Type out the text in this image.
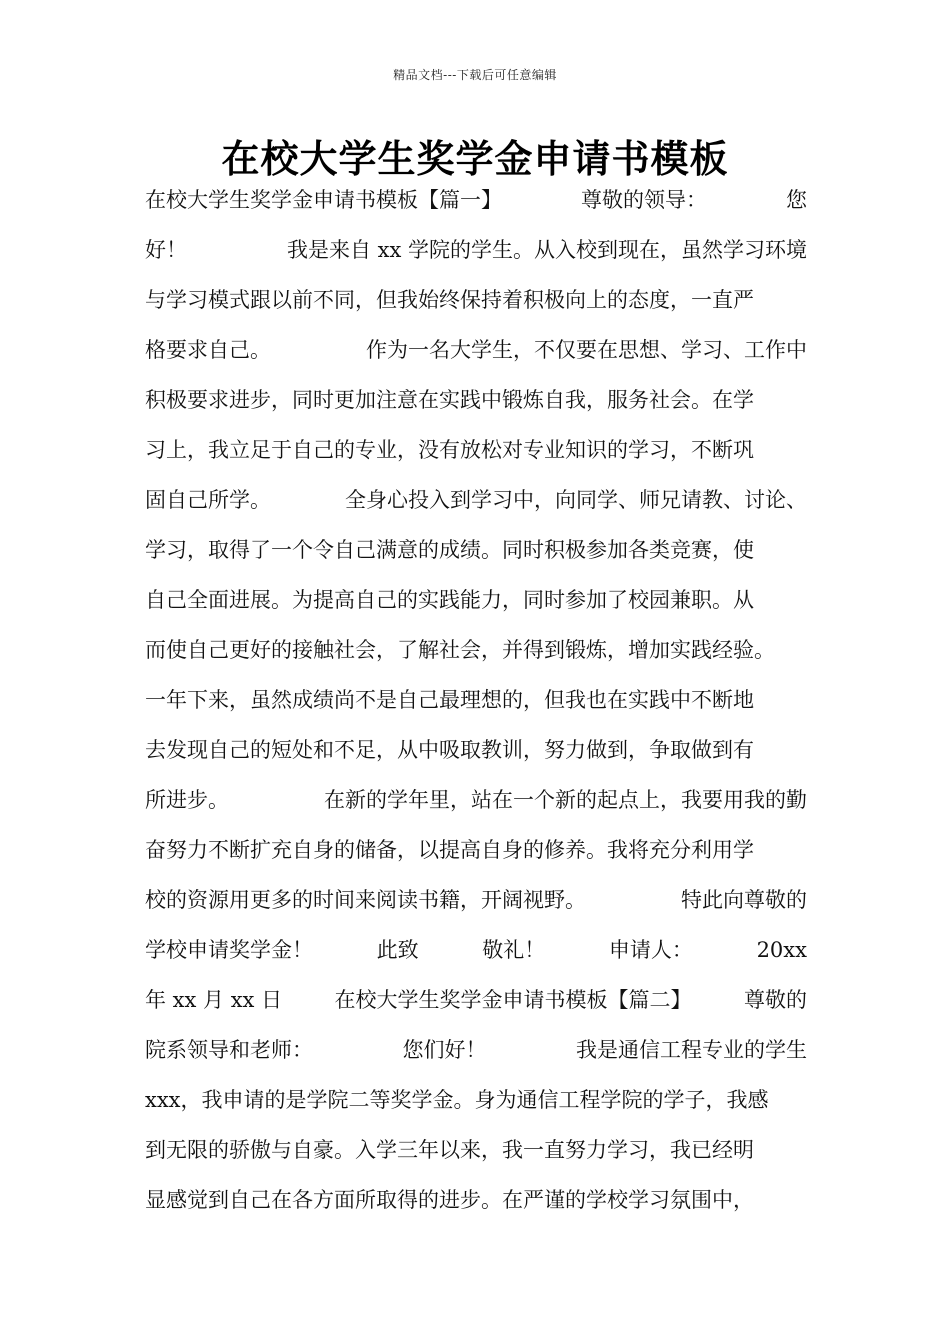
精品文档---下载后可任意编辑
在校大学生奖学金申请书模板
在校大学生奖学金申请书模板【篇一】	尊敬的领导：	您
好！	我是来自 xx 学院的学生。从入校到现在，虽然学习环境
与学习模式跟以前不同，但我始终保持着积极向上的态度，一直严
格要求自己。	作为一名大学生，不仅要在思想、学习、工作中
积极要求进步，同时更加注意在实践中锻炼自我，服务社会。在学
习上，我立足于自己的专业，没有放松对专业知识的学习，不断巩
固自己所学。	全身心投入到学习中，向同学、师兄请教、讨论、
学习，取得了一个令自己满意的成绩。同时积极参加各类竞赛，使
自己全面进展。为提高自己的实践能力，同时参加了校园兼职。从
而使自己更好的接触社会，了解社会，并得到锻炼，增加实践经验。
一年下来，虽然成绩尚不是自己最理想的，但我也在实践中不断地
去发现自己的短处和不足，从中吸取教训，努力做到，争取做到有
所进步。	在新的学年里，站在一个新的起点上，我要用我的勤
奋努力不断扩充自身的储备，以提高自身的修养。我将充分利用学
校的资源用更多的时间来阅读书籍，开阔视野。	特此向尊敬的
学校申请奖学金！	此致	敬礼！	申请人：	20xx
年 xx 月 xx 日 在校大学生奖学金申请书模板【篇二】 尊敬的
院系领导和老师：	您们好！	我是通信工程专业的学生
xxx，我申请的是学院二等奖学金。身为通信工程学院的学子，我感
到无限的骄傲与自豪。入学三年以来，我一直努力学习，我已经明
显感觉到自己在各方面所取得的进步。在严谨的学校学习氛围中，
